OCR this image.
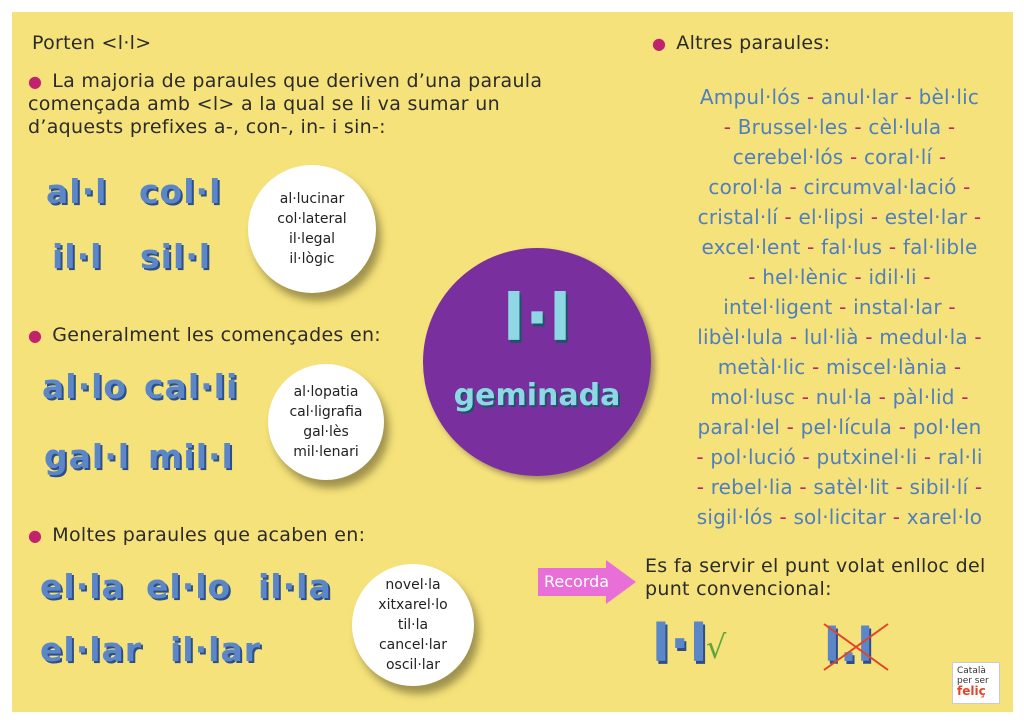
Porten <l·l>
● La majoria de paraules que deriven d’una paraula començada amb <l> a la qual se li va sumar un d’aquests prefixes a-, con-, in- i sin-:
al·l col·l
il·l sil·l
al·lucinar
col·lateral
il·legal
il·lògic
● Generalment les començades en:
al·lo cal·li
gal·l mil·l
al·lopatia
cal·ligrafia
gal·lès
mil·lenari
● Moltes paraules que acaben en:
el·la el·lo il·la
el·lar il·lar
novel·la
xitxarel·lo
til·la
cancel·lar
oscil·lar
l·l
geminada
● Altres paraules:
Ampul·lós - anul·lar - bèl·lic
- Brussel·les - cèl·lula -
cerebel·lós - coral·lí -
corol·la - circumval·lació -
cristal·lí - el·lipsi - estel·lar -
excel·lent - fal·lus - fal·lible
- hel·lènic - idil·li -
intel·ligent - instal·lar -
libèl·lula - lul·lià - medul·la -
metàl·lic - miscel·lània -
mol·lusc - nul·la - pàl·lid -
paral·lel - pel·lícula - pol·len
- pol·lució - putxinel·li - ral·li
- rebel·lia - satèl·lit - sibil·lí -
sigil·lós - sol·licitar - xarel·lo
Recorda
Es fa servir el punt volat enlloc del punt convencional:
l·l
√ l.l	Català
per ser
feliç
